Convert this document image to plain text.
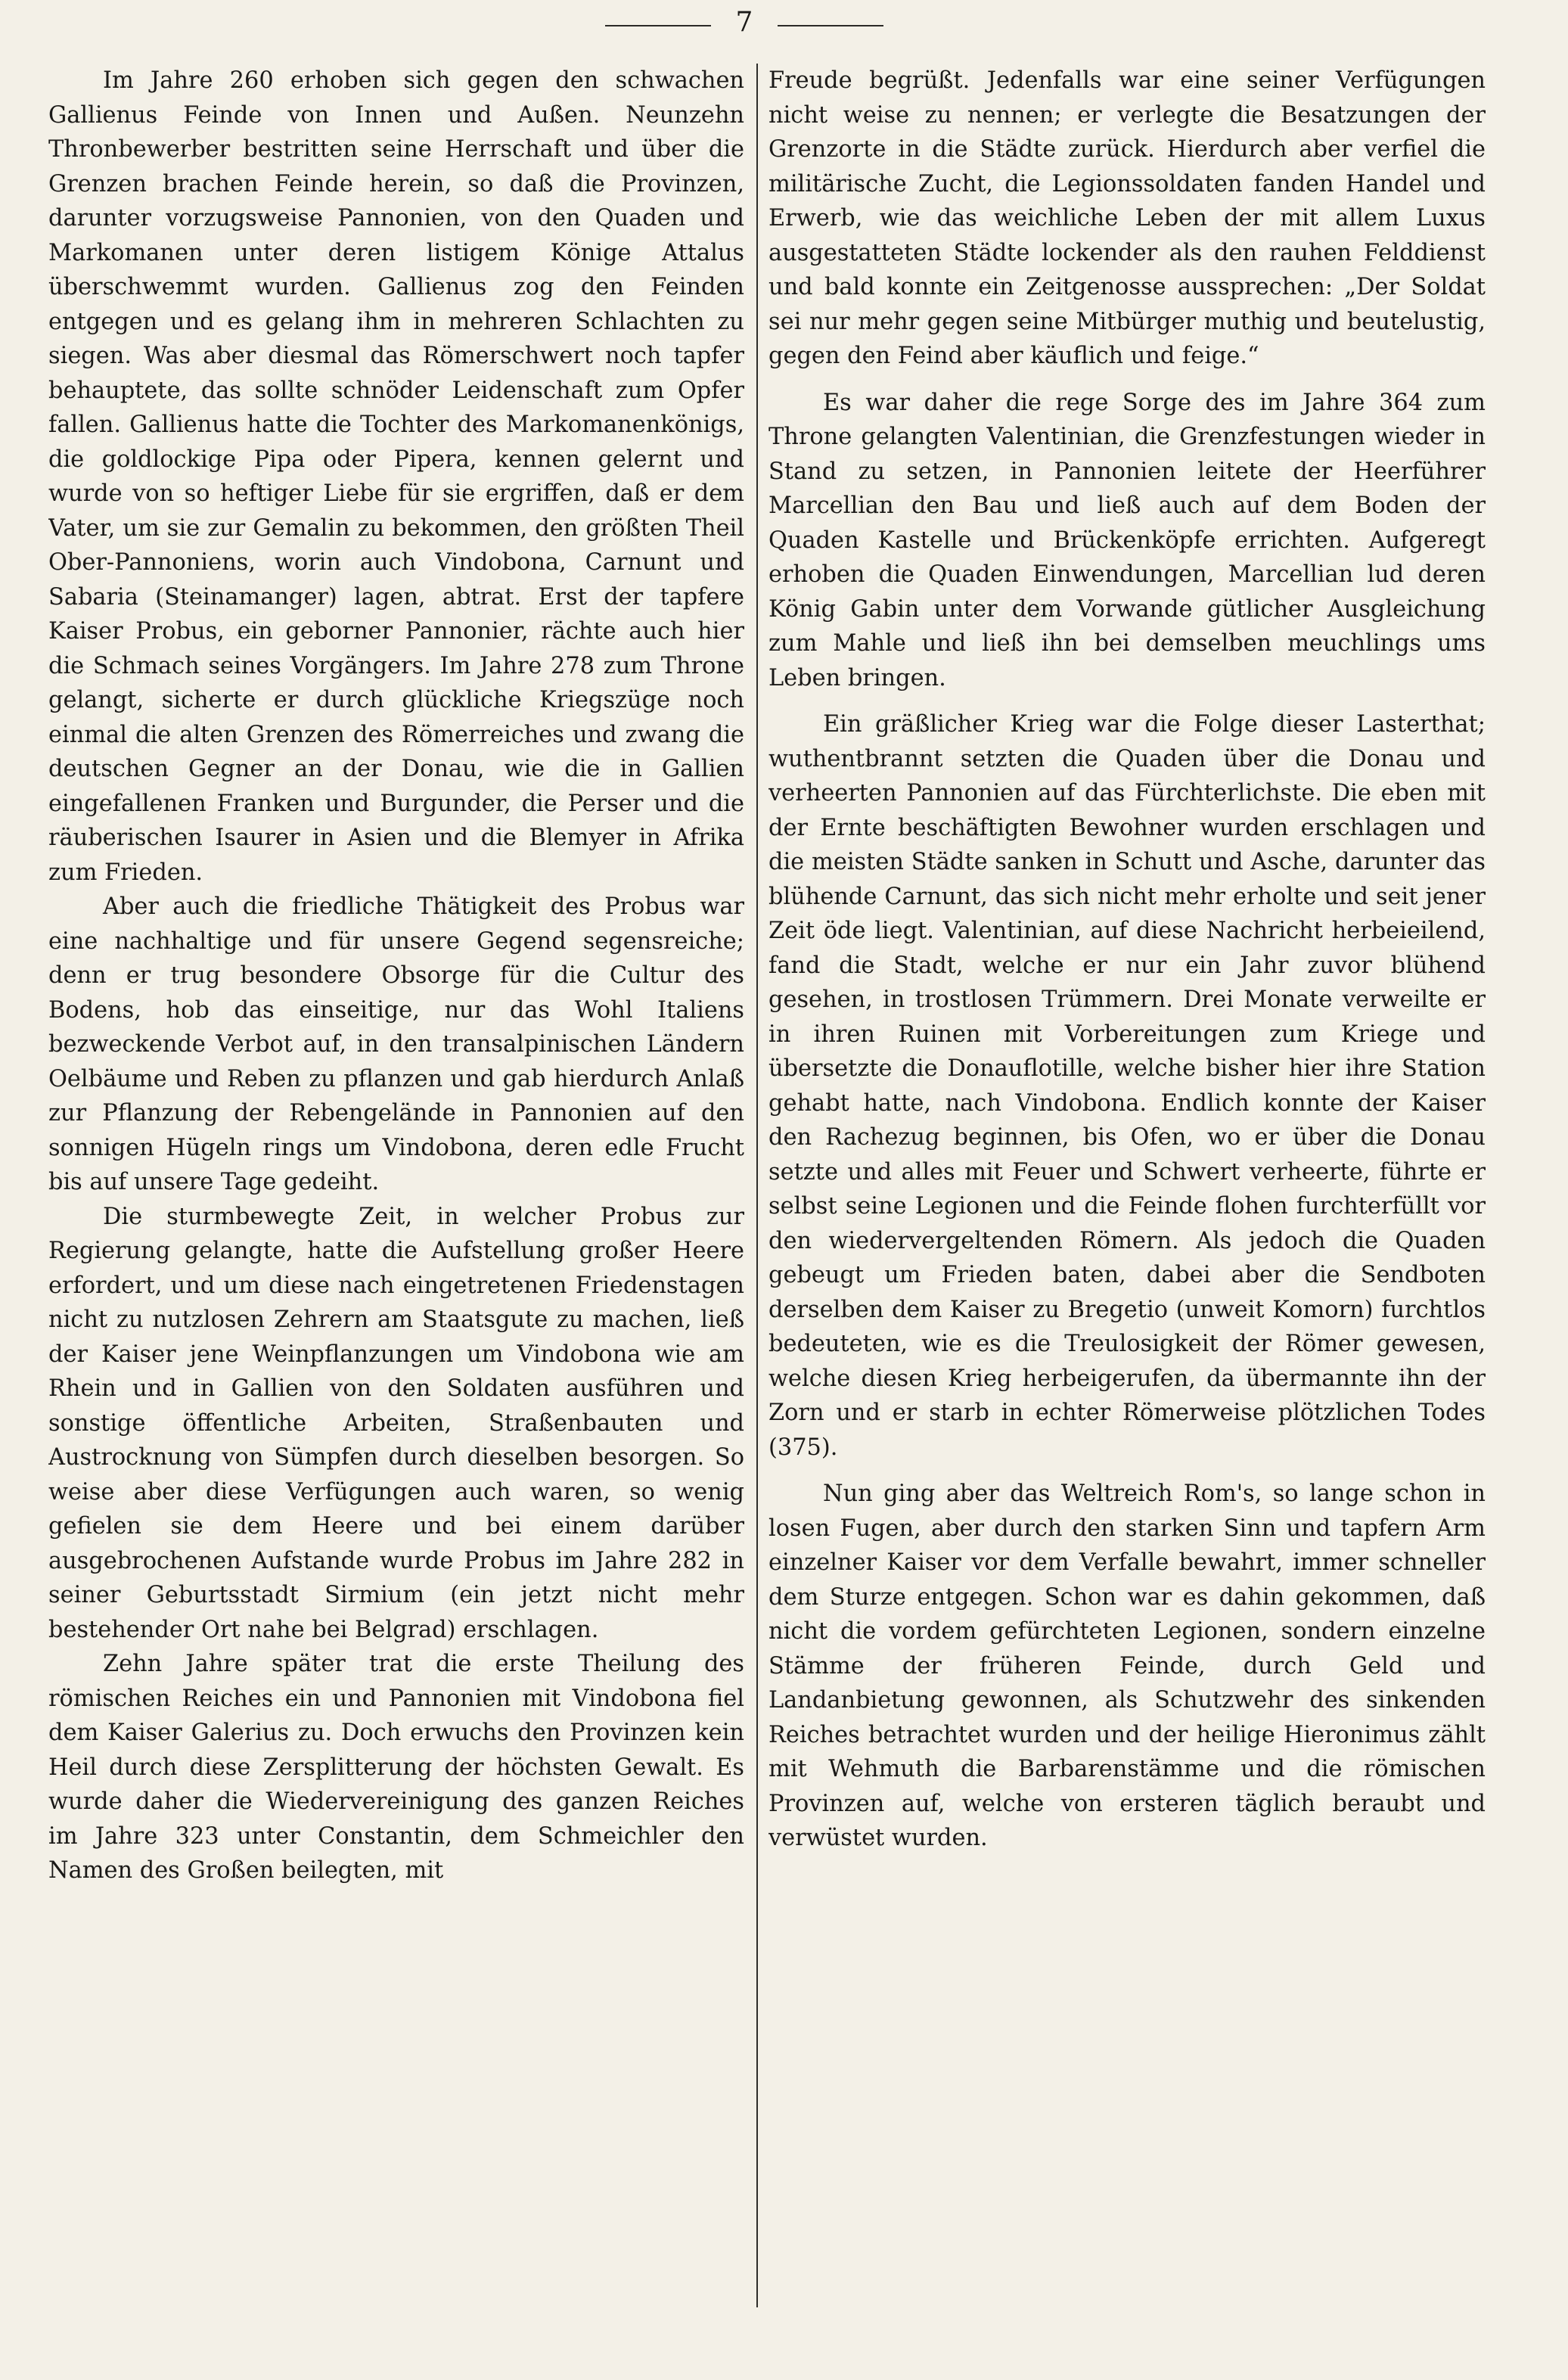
7

Im Jahre 260 erhoben sich gegen den schwachen Gallienus Feinde von Innen und Außen. Neunzehn Thronbewerber bestritten seine Herrschaft und über die Grenzen brachen Feinde herein, so daß die Provinzen, darunter vorzugsweise Pannonien, von den Quaden und Markomanen unter deren listigem Könige Attalus überschwemmt wurden. Gallienus zog den Feinden entgegen und es gelang ihm in mehreren Schlachten zu siegen. Was aber diesmal das Römerschwert noch tapfer behauptete, das sollte schnöder Leidenschaft zum Opfer fallen. Gallienus hatte die Tochter des Markomanenkönigs, die goldlockige Pipa oder Pipera, kennen gelernt und wurde von so heftiger Liebe für sie ergriffen, daß er dem Vater, um sie zur Gemalin zu bekommen, den größten Theil Ober-Pannoniens, worin auch Vindobona, Carnunt und Sabaria (Steinamanger) lagen, abtrat. Erst der tapfere Kaiser Probus, ein geborner Pannonier, rächte auch hier die Schmach seines Vorgängers. Im Jahre 278 zum Throne gelangt, sicherte er durch glückliche Kriegszüge noch einmal die alten Grenzen des Römerreiches und zwang die deutschen Gegner an der Donau, wie die in Gallien eingefallenen Franken und Burgunder, die Perser und die räuberischen Isaurer in Asien und die Blemyer in Afrika zum Frieden.

Aber auch die friedliche Thätigkeit des Probus war eine nachhaltige und für unsere Gegend segensreiche; denn er trug besondere Obsorge für die Cultur des Bodens, hob das einseitige, nur das Wohl Italiens bezweckende Verbot auf, in den transalpinischen Ländern Oelbäume und Reben zu pflanzen und gab hierdurch Anlaß zur Pflanzung der Rebengelände in Pannonien auf den sonnigen Hügeln rings um Vindobona, deren edle Frucht bis auf unsere Tage gedeiht.

Die sturmbewegte Zeit, in welcher Probus zur Regierung gelangte, hatte die Aufstellung großer Heere erfordert, und um diese nach eingetretenen Friedenstagen nicht zu nutzlosen Zehrern am Staatsgute zu machen, ließ der Kaiser jene Weinpflanzungen um Vindobona wie am Rhein und in Gallien von den Soldaten ausführen und sonstige öffentliche Arbeiten, Straßenbauten und Austrocknung von Sümpfen durch dieselben besorgen. So weise aber diese Verfügungen auch waren, so wenig gefielen sie dem Heere und bei einem darüber ausgebrochenen Aufstande wurde Probus im Jahre 282 in seiner Geburtsstadt Sirmium (ein jetzt nicht mehr bestehender Ort nahe bei Belgrad) erschlagen.

Zehn Jahre später trat die erste Theilung des römischen Reiches ein und Pannonien mit Vindobona fiel dem Kaiser Galerius zu. Doch erwuchs den Provinzen kein Heil durch diese Zersplitterung der höchsten Gewalt. Es wurde daher die Wiedervereinigung des ganzen Reiches im Jahre 323 unter Constantin, dem Schmeichler den Namen des Großen beilegten, mit

Freude begrüßt. Jedenfalls war eine seiner Verfügungen nicht weise zu nennen; er verlegte die Besatzungen der Grenzorte in die Städte zurück. Hierdurch aber verfiel die militärische Zucht, die Legionssoldaten fanden Handel und Erwerb, wie das weichliche Leben der mit allem Luxus ausgestatteten Städte lockender als den rauhen Felddienst und bald konnte ein Zeitgenosse aussprechen: „Der Soldat sei nur mehr gegen seine Mitbürger muthig und beutelustig, gegen den Feind aber käuflich und feige.“

Es war daher die rege Sorge des im Jahre 364 zum Throne gelangten Valentinian, die Grenzfestungen wieder in Stand zu setzen, in Pannonien leitete der Heerführer Marcellian den Bau und ließ auch auf dem Boden der Quaden Kastelle und Brückenköpfe errichten. Aufgeregt erhoben die Quaden Einwendungen, Marcellian lud deren König Gabin unter dem Vorwande gütlicher Ausgleichung zum Mahle und ließ ihn bei demselben meuchlings ums Leben bringen.

Ein gräßlicher Krieg war die Folge dieser Lasterthat; wuthentbrannt setzten die Quaden über die Donau und verheerten Pannonien auf das Fürchterlichste. Die eben mit der Ernte beschäftigten Bewohner wurden erschlagen und die meisten Städte sanken in Schutt und Asche, darunter das blühende Carnunt, das sich nicht mehr erholte und seit jener Zeit öde liegt. Valentinian, auf diese Nachricht herbeieilend, fand die Stadt, welche er nur ein Jahr zuvor blühend gesehen, in trostlosen Trümmern. Drei Monate verweilte er in ihren Ruinen mit Vorbereitungen zum Kriege und übersetzte die Donauflotille, welche bisher hier ihre Station gehabt hatte, nach Vindobona. Endlich konnte der Kaiser den Rachezug beginnen, bis Ofen, wo er über die Donau setzte und alles mit Feuer und Schwert verheerte, führte er selbst seine Legionen und die Feinde flohen furchterfüllt vor den wiedervergeltenden Römern. Als jedoch die Quaden gebeugt um Frieden baten, dabei aber die Sendboten derselben dem Kaiser zu Bregetio (unweit Komorn) furchtlos bedeuteten, wie es die Treulosigkeit der Römer gewesen, welche diesen Krieg herbeigerufen, da übermannte ihn der Zorn und er starb in echter Römerweise plötzlichen Todes (375).

Nun ging aber das Weltreich Rom's, so lange schon in losen Fugen, aber durch den starken Sinn und tapfern Arm einzelner Kaiser vor dem Verfalle bewahrt, immer schneller dem Sturze entgegen. Schon war es dahin gekommen, daß nicht die vordem gefürchteten Legionen, sondern einzelne Stämme der früheren Feinde, durch Geld und Landanbietung gewonnen, als Schutzwehr des sinkenden Reiches betrachtet wurden und der heilige Hieronimus zählt mit Wehmuth die Barbarenstämme und die römischen Provinzen auf, welche von ersteren täglich beraubt und verwüstet wurden.
